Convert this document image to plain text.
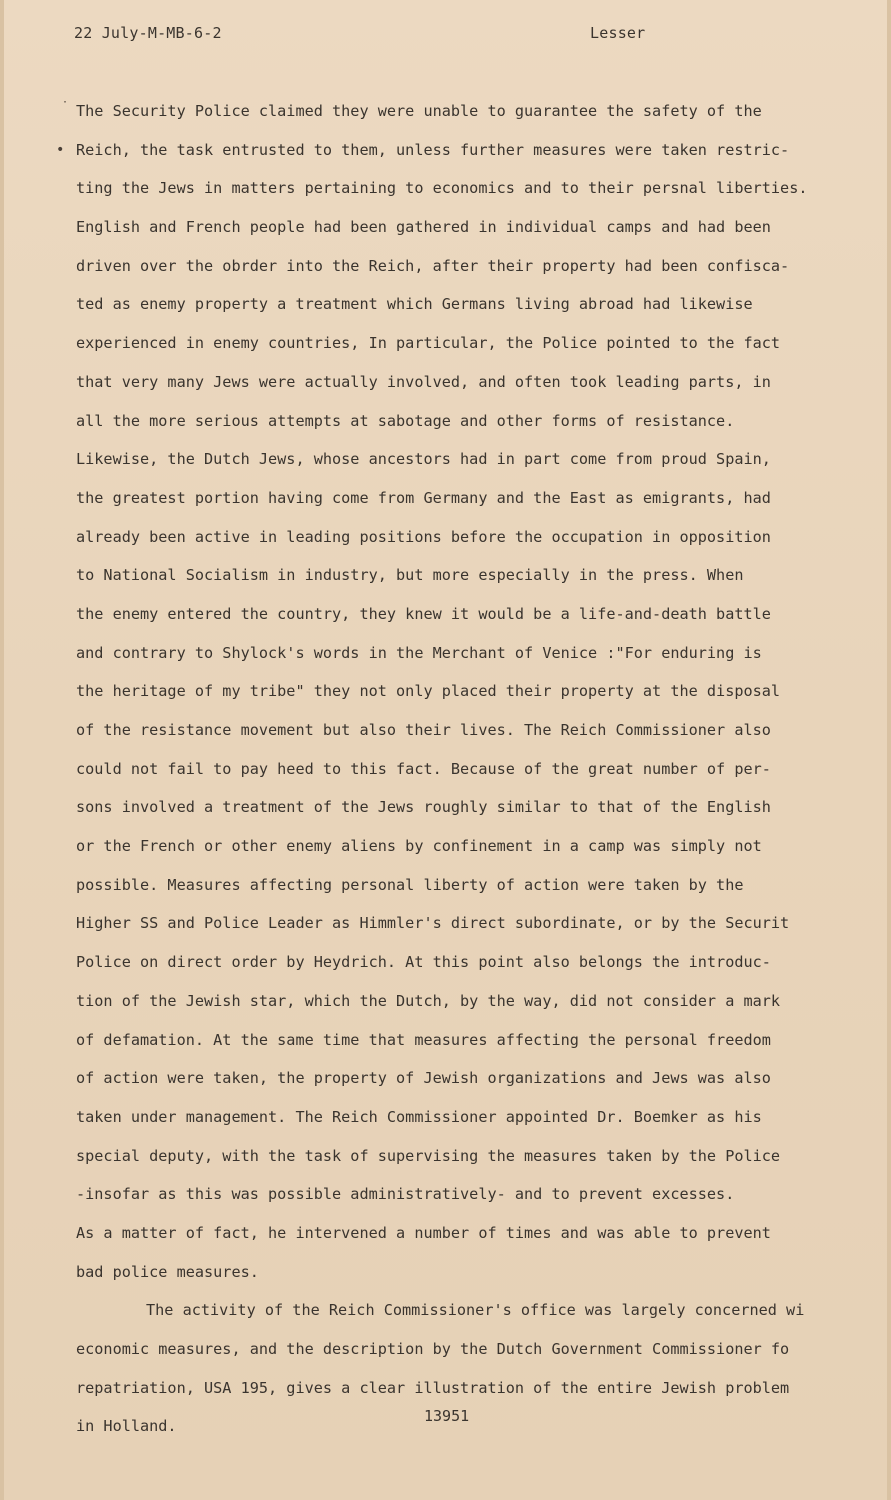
22 July-M-MB-6-2	Lesser
·
•
The Security Police claimed they were unable to guarantee the safety of the
Reich, the task entrusted to them, unless further measures were taken restric-
ting the Jews in matters pertaining to economics and to their persnal liberties.
English and French people had been gathered in individual camps and had been
driven over the obrder into the Reich, after their property had been confisca-
ted as enemy property a treatment which Germans living abroad had likewise
experienced in enemy countries, In particular, the Police pointed to the fact
that very many Jews were actually involved, and often took leading parts, in
all the more serious attempts at sabotage and other forms of resistance.
Likewise, the Dutch Jews, whose ancestors had in part come from proud Spain,
the greatest portion having come from Germany and the East as emigrants, had
already been active in leading positions before the occupation in opposition
to National Socialism in industry, but more especially in the press. When
the enemy entered the country, they knew it would be a life-and-death battle
and contrary to Shylock's words in the Merchant of Venice :"For enduring is
the heritage of my tribe" they not only placed their property at the disposal
of the resistance movement but also their lives. The Reich Commissioner also
could not fail to pay heed to this fact. Because of the great number of per-
sons involved a treatment of the Jews roughly similar to that of the English
or the French or other enemy aliens by confinement in a camp was simply not
possible. Measures affecting personal liberty of action were taken by the
Higher SS and Police Leader as Himmler's direct subordinate, or by the Securit
Police on direct order by Heydrich. At this point also belongs the introduc-
tion of the Jewish star, which the Dutch, by the way, did not consider a mark
of defamation. At the same time that measures affecting the personal freedom
of action were taken, the property of Jewish organizations and Jews was also
taken under management. The Reich Commissioner appointed Dr. Boemker as his
special deputy, with the task of supervising the measures taken by the Police
-insofar as this was possible administratively- and to prevent excesses.
As a matter of fact, he intervened a number of times and was able to prevent
bad police measures.
The activity of the Reich Commissioner's office was largely concerned wi
economic measures, and the description by the Dutch Government Commissioner fo
repatriation, USA 195, gives a clear illustration of the entire Jewish problem
in Holland.
13951
